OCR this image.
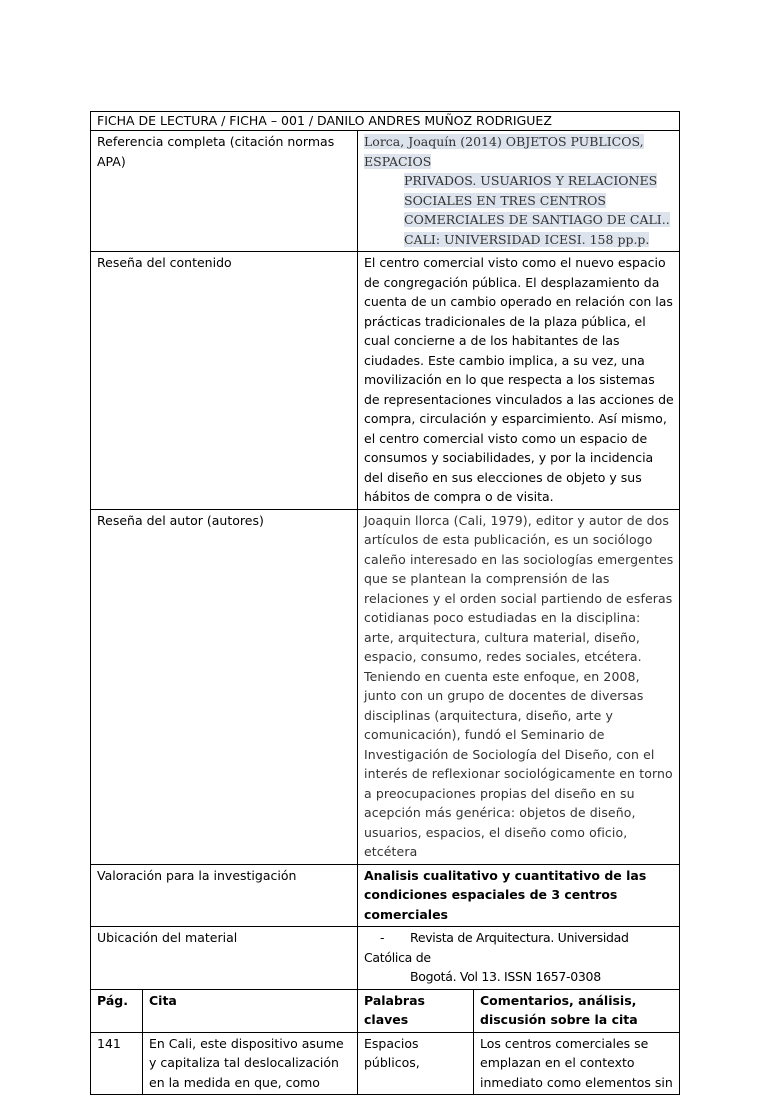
FICHA DE LECTURA / FICHA – 001 / DANILO ANDRES MUÑOZ RODRIGUEZ			
Referencia completa (citación normas APA)		Lorca, Joaquín (2014) OBJETOS PUBLICOS, ESPACIOS
PRIVADOS. USUARIOS Y RELACIONES
SOCIALES EN TRES CENTROS
COMERCIALES DE SANTIAGO DE CALI..
CALI: UNIVERSIDAD ICESI. 158 pp.p.	

Reseña del contenido		El centro comercial visto como el nuevo espacio de congregación pública. El desplazamiento da cuenta de un cambio operado en relación con las prácticas tradicionales de la plaza pública, el cual concierne a de los habitantes de las ciudades. Este cambio implica, a su vez, una movilización en lo que respecta a los sistemas de representaciones vinculados a las acciones de compra, circulación y esparcimiento. Así mismo, el centro comercial visto como un espacio de consumos y sociabilidades, y por la incidencia del diseño en sus elecciones de objeto y sus hábitos de compra o de visita.	
Reseña del autor (autores)		Joaquin llorca (Cali, 1979), editor y autor de dos artículos de esta publicación, es un sociólogo caleño interesado en las sociologías emergentes que se plantean la comprensión de las relaciones y el orden social partiendo de esferas cotidianas poco estudiadas en la disciplina: arte, arquitectura, cultura material, diseño, espacio, consumo, redes sociales, etcétera. Teniendo en cuenta este enfoque, en 2008, junto con un grupo de docentes de diversas disciplinas (arquitectura, diseño, arte y comunicación), fundó el Seminario de Investigación de Sociología del Diseño, con el interés de reflexionar sociológicamente en torno a preocupaciones propias del diseño en su acepción más genérica: objetos de diseño, usuarios, espacios, el diseño como oficio, etcétera	
Valoración para la investigación		Analisis cualitativo y cuantitativo de las condiciones espaciales de 3 centros comerciales	
Ubicación del material		- Revista de Arquitectura. Universidad Católica de
Bogotá. Vol 13. ISSN 1657-0308	

Pág.	Cita	Palabras claves	Comentarios, análisis, discusión sobre la cita
141	En Cali, este dispositivo asume y capitaliza tal deslocalización en la medida en que, como	Espacios públicos,	Los centros comerciales se emplazan en el contexto inmediato como elementos sin
